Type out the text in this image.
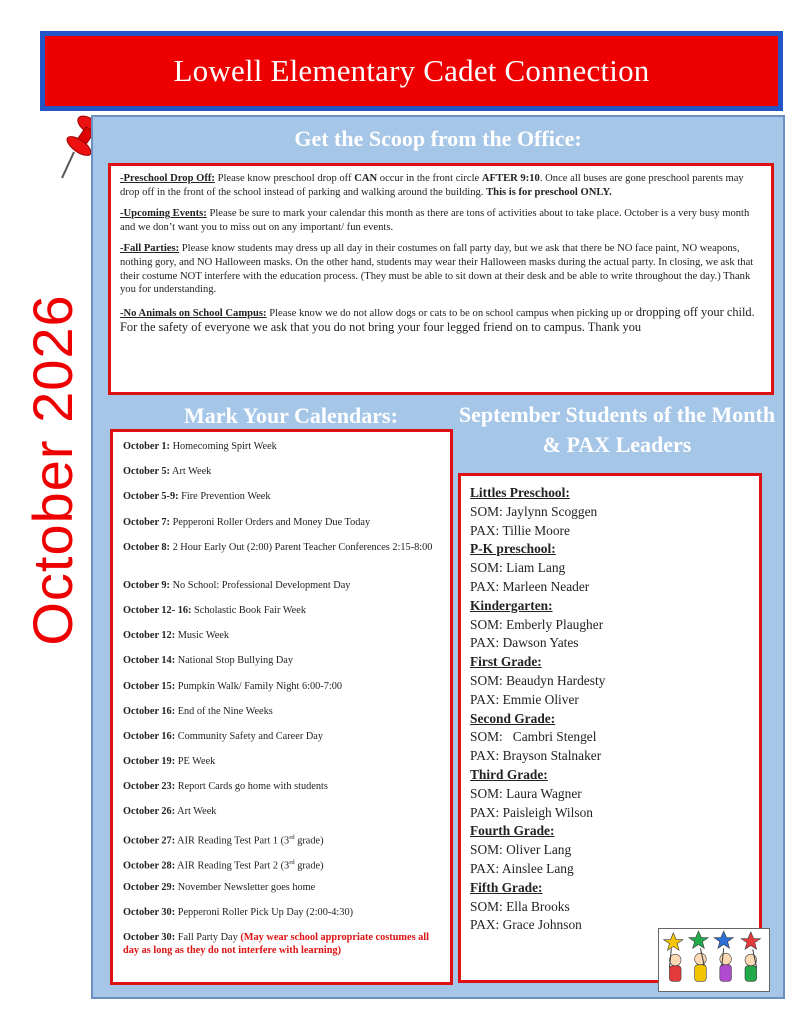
Lowell Elementary Cadet Connection
October 2026
Get the Scoop from the Office:

-Preschool Drop Off: Please know preschool drop off CAN occur in the front circle AFTER 9:10. Once all buses are gone preschool parents may drop off in the front of the school instead of parking and walking around the building. This is for preschool ONLY.

-Upcoming Events: Please be sure to mark your calendar this month as there are tons of activities about to take place. October is a very busy month and we don’t want you to miss out on any important/ fun events.

-Fall Parties: Please know students may dress up all day in their costumes on fall party day, but we ask that there be NO face paint, NO weapons, nothing gory, and NO Halloween masks. On the other hand, students may wear their Halloween masks during the actual party. In closing, we ask that their costume NOT interfere with the education process. (They must be able to sit down at their desk and be able to write throughout the day.) Thank you for understanding.

-No Animals on School Campus: Please know we do not allow dogs or cats to be on school campus when picking up or dropping off your child. For the safety of everyone we ask that you do not bring your four legged friend on to campus. Thank you

Mark Your Calendars:
October 1: Homecoming Spirt Week
October 5: Art Week
October 5-9: Fire Prevention Week
October 7: Pepperoni Roller Orders and Money Due Today
October 8: 2 Hour Early Out (2:00) Parent Teacher Conferences 2:15-8:00
October 9: No School: Professional Development Day
October 12- 16: Scholastic Book Fair Week
October 12: Music Week
October 14: National Stop Bullying Day
October 15: Pumpkin Walk/ Family Night 6:00-7:00
October 16: End of the Nine Weeks
October 16: Community Safety and Career Day
October 19: PE Week
October 23: Report Cards go home with students
October 26: Art Week
October 27: AIR Reading Test Part 1 (3rd grade)
October 28: AIR Reading Test Part 2 (3rd grade)
October 29: November Newsletter goes home
October 30: Pepperoni Roller Pick Up Day (2:00-4:30)
October 30: Fall Party Day (May wear school appropriate costumes all day as long as they do not interfere with learning)
September Students of the Month & PAX Leaders
Littles Preschool:
SOM: Jaylynn Scoggen
PAX: Tillie Moore
P-K preschool:
SOM: Liam Lang
PAX: Marleen Neader
Kindergarten:
SOM: Emberly Plaugher
PAX: Dawson Yates
First Grade:
SOM: Beaudyn Hardesty
PAX: Emmie Oliver
Second Grade:
SOM:   Cambri Stengel
PAX: Brayson Stalnaker
Third Grade:
SOM: Laura Wagner
PAX: Paisleigh Wilson
Fourth Grade:
SOM: Oliver Lang
PAX: Ainslee Lang
Fifth Grade:
SOM: Ella Brooks
PAX: Grace Johnson
